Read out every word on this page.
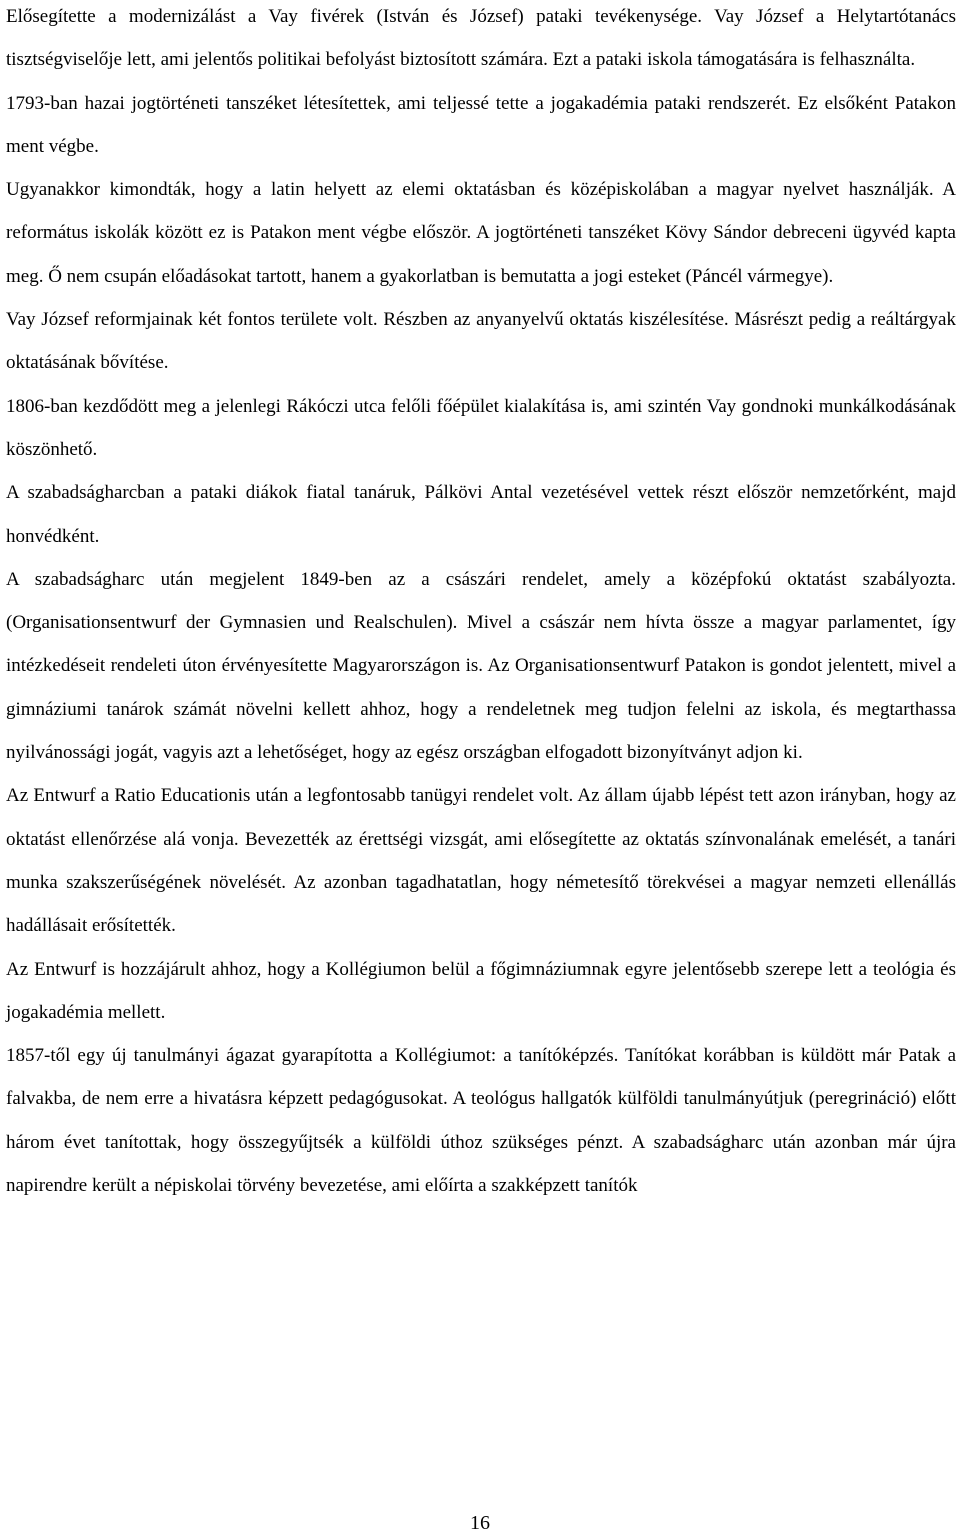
Elősegítette a modernizálást a Vay fivérek (István és József) pataki tevékenysége. Vay József a Helytartótanács tisztségviselője lett, ami jelentős politikai befolyást biztosított számára. Ezt a pataki iskola támogatására is felhasználta.

1793-ban hazai jogtörténeti tanszéket létesítettek, ami teljessé tette a jogakadémia pataki rendszerét. Ez elsőként Patakon ment végbe.

Ugyanakkor kimondták, hogy a latin helyett az elemi oktatásban és középiskolában a magyar nyelvet használják. A református iskolák között ez is Patakon ment végbe először. A jogtörténeti tanszéket Kövy Sándor debreceni ügyvéd kapta meg. Ő nem csupán előadásokat tartott, hanem a gyakorlatban is bemutatta a jogi esteket (Páncél vármegye).

Vay József reformjainak két fontos területe volt. Részben az anyanyelvű oktatás kiszélesítése. Másrészt pedig a reáltárgyak oktatásának bővítése.

1806-ban kezdődött meg a jelenlegi Rákóczi utca felőli főépület kialakítása is, ami szintén Vay gondnoki munkálkodásának köszönhető.

A szabadságharcban a pataki diákok fiatal tanáruk, Pálkövi Antal vezetésével vettek részt először nemzetőrként, majd honvédként.

A szabadságharc után megjelent 1849-ben az a császári rendelet, amely a középfokú oktatást szabályozta. (Organisationsentwurf der Gymnasien und Realschulen). Mivel a császár nem hívta össze a magyar parlamentet, így intézkedéseit rendeleti úton érvényesítette Magyarországon is. Az Organisationsentwurf Patakon is gondot jelentett, mivel a gimnáziumi tanárok számát növelni kellett ahhoz, hogy a rendeletnek meg tudjon felelni az iskola, és megtarthassa nyilvánossági jogát, vagyis azt a lehetőséget, hogy az egész országban elfogadott bizonyítványt adjon ki.

Az Entwurf a Ratio Educationis után a legfontosabb tanügyi rendelet volt. Az állam újabb lépést tett azon irányban, hogy az oktatást ellenőrzése alá vonja. Bevezették az érettségi vizsgát, ami elősegítette az oktatás színvonalának emelését, a tanári munka szakszerűségének növelését. Az azonban tagadhatatlan, hogy németesítő törekvései a magyar nemzeti ellenállás hadállásait erősítették.

Az Entwurf is hozzájárult ahhoz, hogy a Kollégiumon belül a főgimnáziumnak egyre jelentősebb szerepe lett a teológia és jogakadémia mellett.

1857-től egy új tanulmányi ágazat gyarapította a Kollégiumot: a tanítóképzés. Tanítókat korábban is küldött már Patak a falvakba, de nem erre a hivatásra képzett pedagógusokat. A teológus hallgatók külföldi tanulmányútjuk (peregrináció) előtt három évet tanítottak, hogy összegyűjtsék a külföldi úthoz szükséges pénzt. A szabadságharc után azonban már újra napirendre került a népiskolai törvény bevezetése, ami előírta a szakképzett tanítók

16
